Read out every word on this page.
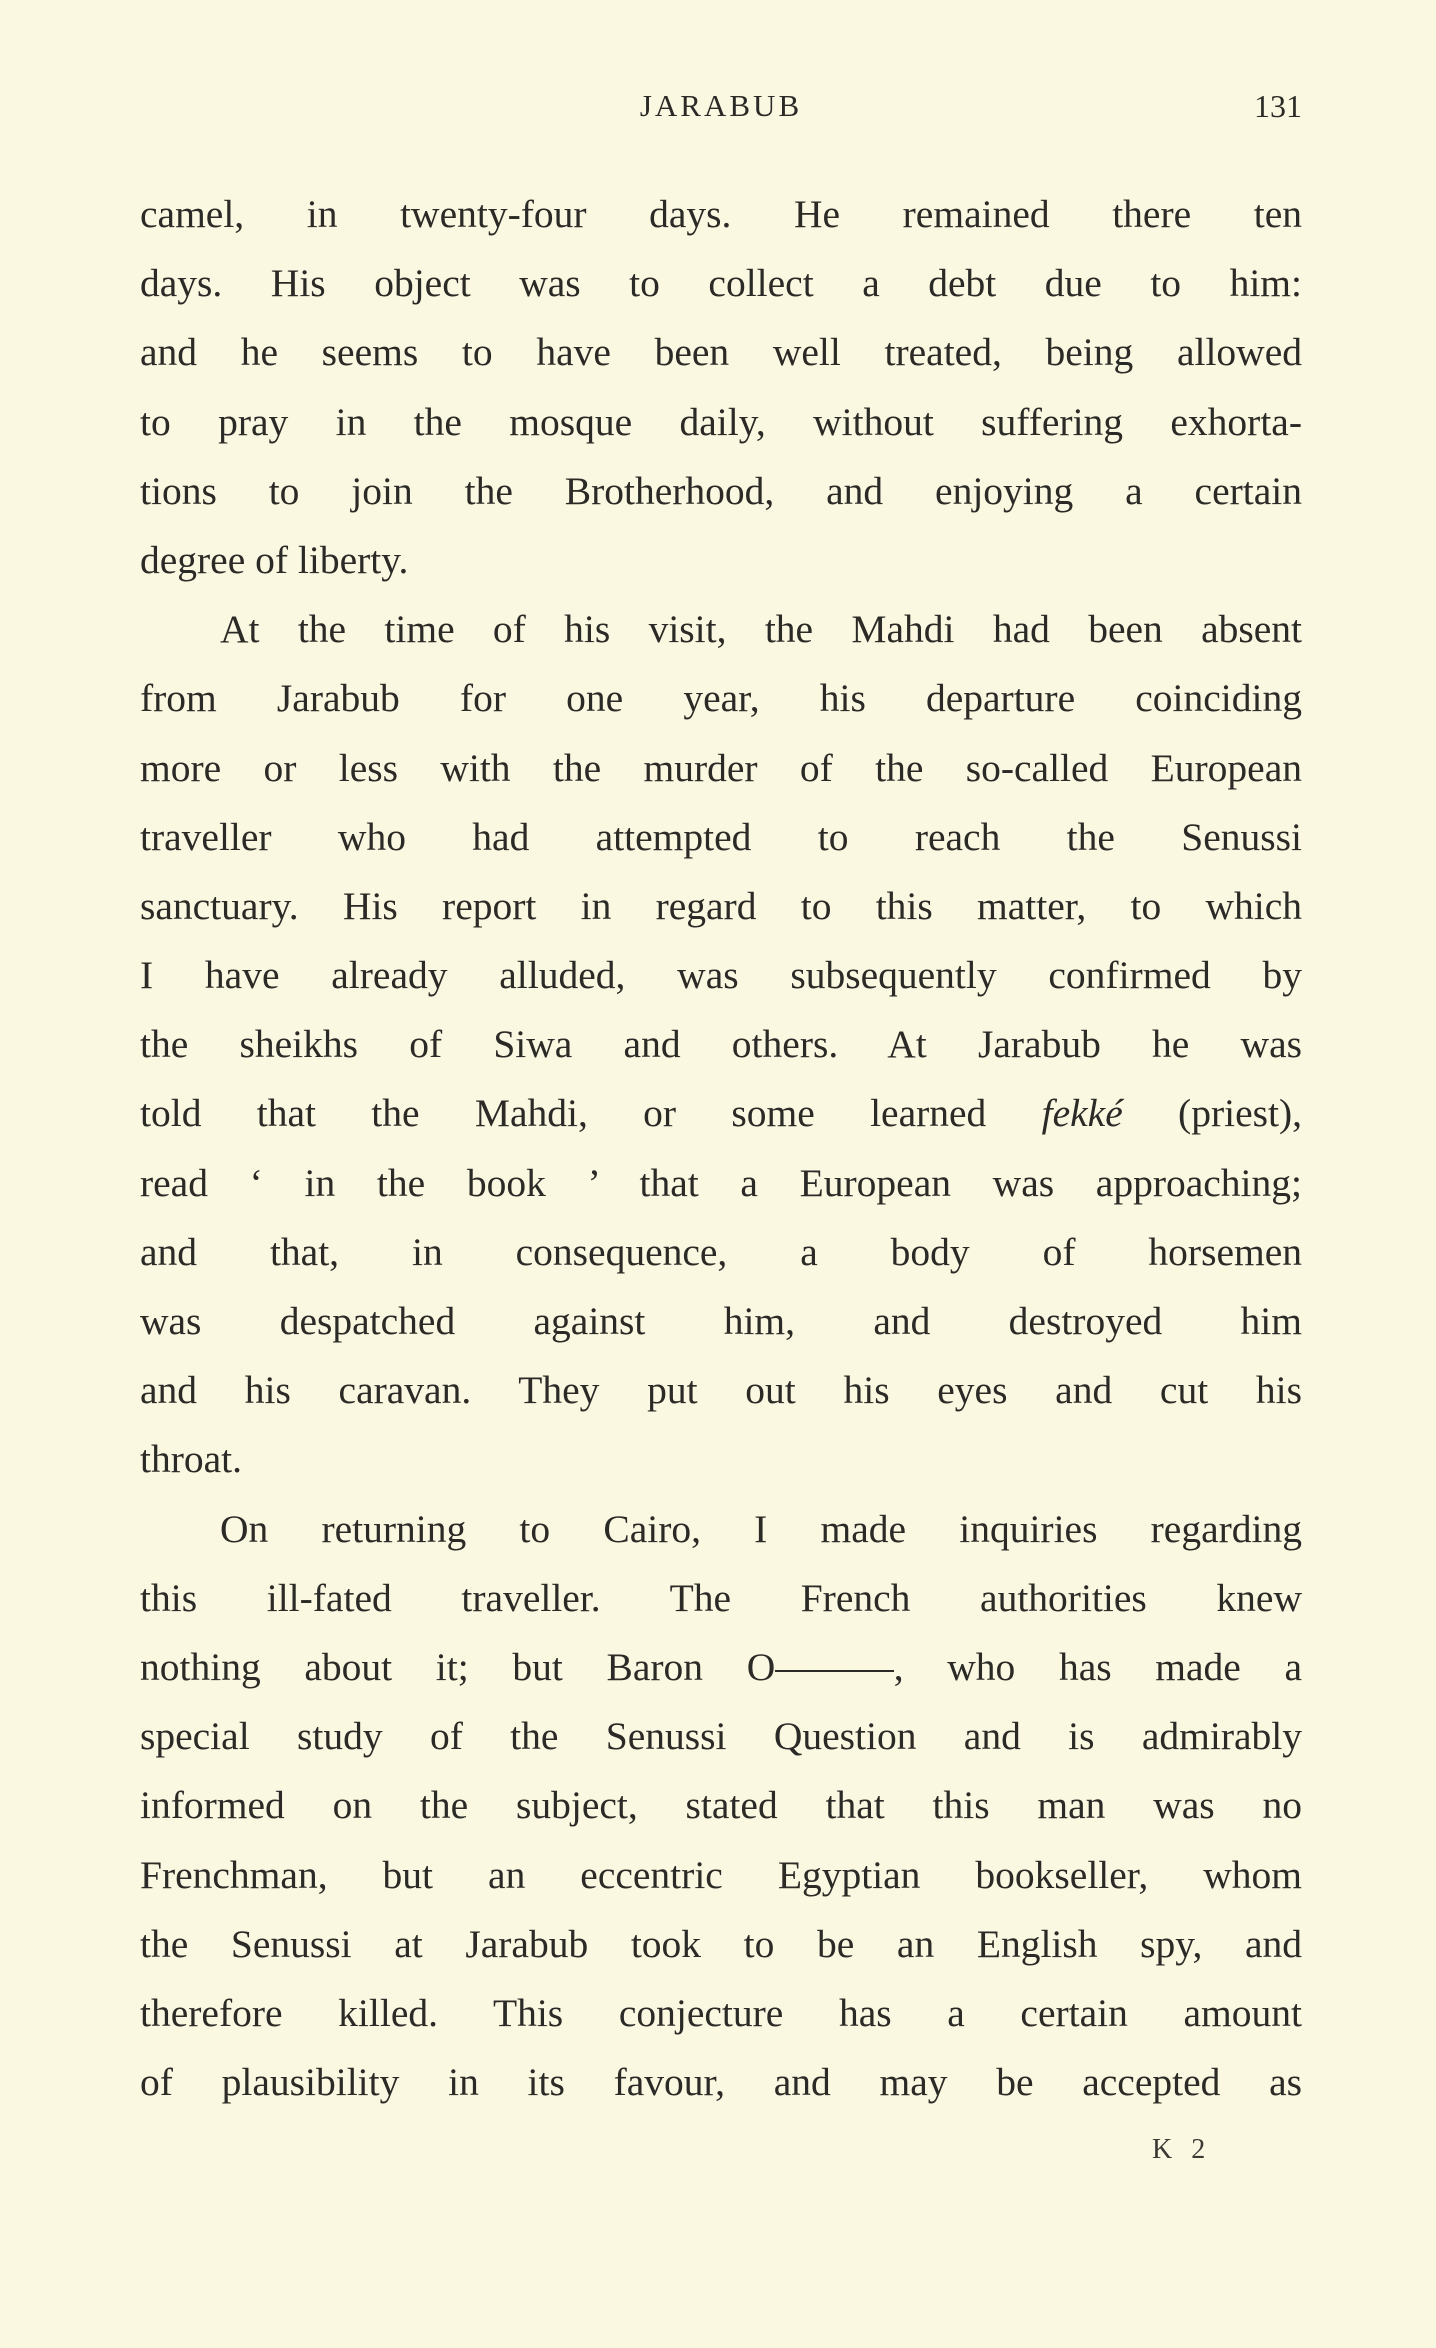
JARABUB	131
camel, in twenty-four days. He remained there ten
days. His object was to collect a debt due to him:
and he seems to have been well treated, being allowed
to pray in the mosque daily, without suffering exhorta-
tions to join the Brotherhood, and enjoying a certain
degree of liberty.
At the time of his visit, the Mahdi had been absent
from Jarabub for one year, his departure coinciding
more or less with the murder of the so-called European
traveller who had attempted to reach the Senussi
sanctuary. His report in regard to this matter, to which
I have already alluded, was subsequently confirmed by
the sheikhs of Siwa and others. At Jarabub he was
told that the Mahdi, or some learned fekké (priest),
read ‘ in the book ’ that a European was approaching;
and that, in consequence, a body of horsemen
was despatched against him, and destroyed him
and his caravan. They put out his eyes and cut his
throat.
On returning to Cairo, I made inquiries regarding
this ill-fated traveller. The French authorities knew
nothing about it; but Baron O———, who has made a
special study of the Senussi Question and is admirably
informed on the subject, stated that this man was no
Frenchman, but an eccentric Egyptian bookseller, whom
the Senussi at Jarabub took to be an English spy, and
therefore killed. This conjecture has a certain amount
of plausibility in its favour, and may be accepted as
K 2
